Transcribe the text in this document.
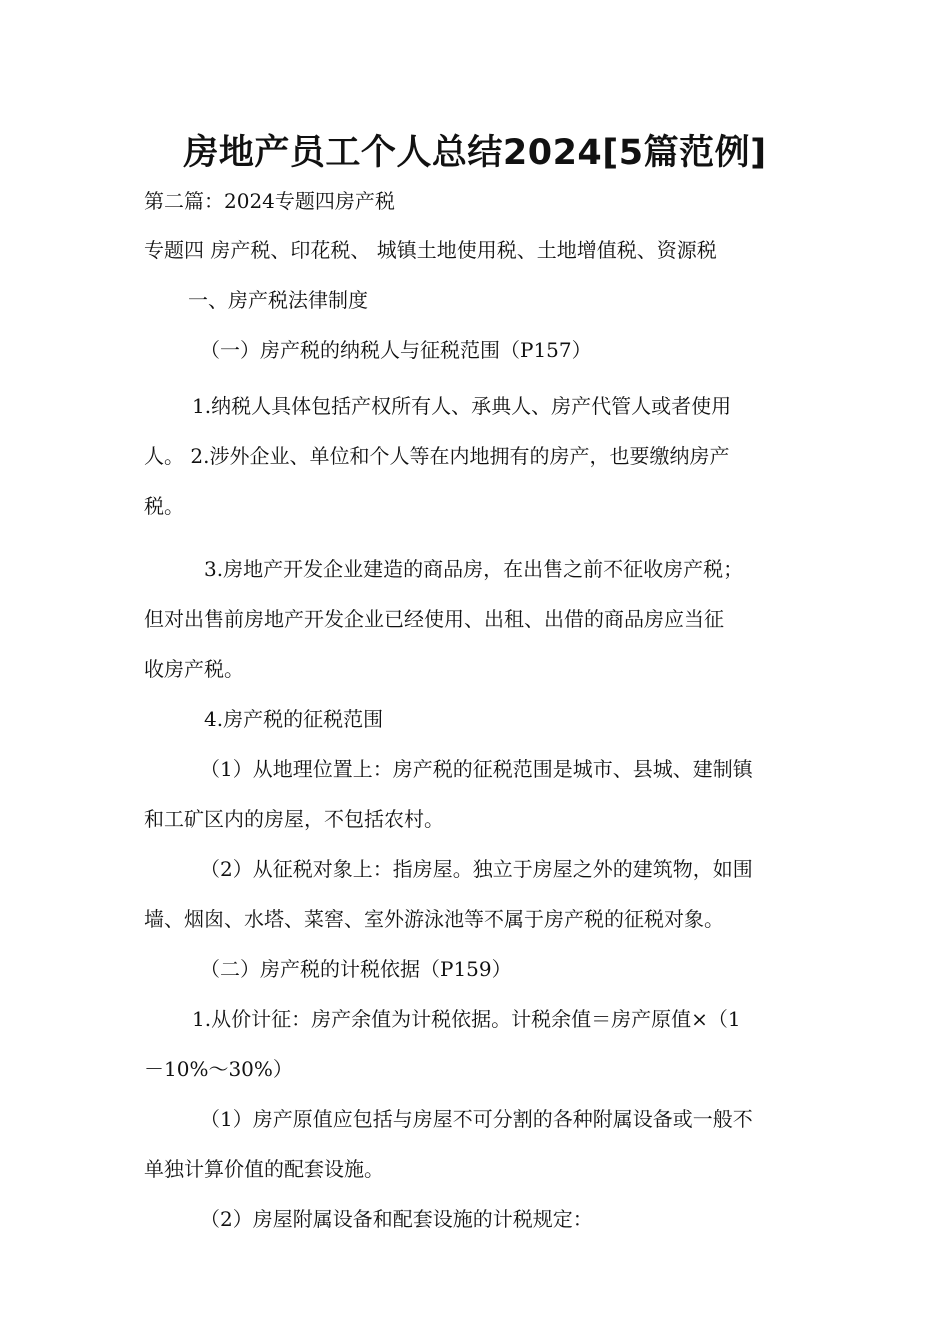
房地产员工个人总结2024[5篇范例]

第二篇：2024专题四房产税

专题四 房产税、印花税、 城镇土地使用税、土地增值税、资源税

一、房产税法律制度

（一）房产税的纳税人与征税范围（P157）

1.纳税人具体包括产权所有人、承典人、房产代管人或者使用

人。 2.涉外企业、单位和个人等在内地拥有的房产，也要缴纳房产

税。

3.房地产开发企业建造的商品房，在出售之前不征收房产税；

但对出售前房地产开发企业已经使用、出租、出借的商品房应当征

收房产税。

4.房产税的征税范围

（1）从地理位置上：房产税的征税范围是城市、县城、建制镇

和工矿区内的房屋，不包括农村。

（2）从征税对象上：指房屋。独立于房屋之外的建筑物，如围

墙、烟囱、水塔、菜窖、室外游泳池等不属于房产税的征税对象。

（二）房产税的计税依据（P159）

1.从价计征：房产余值为计税依据。计税余值＝房产原值×（1

－10%～30%）

（1）房产原值应包括与房屋不可分割的各种附属设备或一般不

单独计算价值的配套设施。

（2）房屋附属设备和配套设施的计税规定：
